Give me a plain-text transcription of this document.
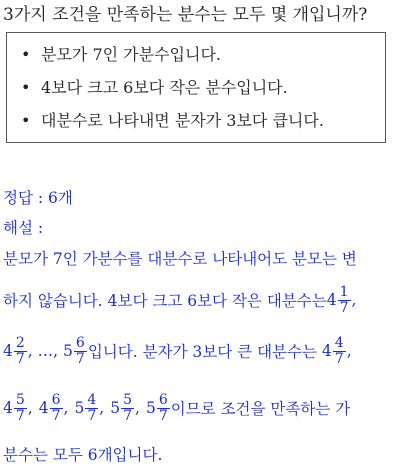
3가지 조건을 만족하는 분수는 모두 몇 개입니까?
• 분모가 7인 가분수입니다.
• 4보다 크고 6보다 작은 분수입니다.
• 대분수로 나타내면 분자가 3보다 큽니다.
정답 : 6개
해설 :
분모가 7인 가분수를 대분수로 나타내어도 분모는 변
하지 않습니다. 4보다 크고 6보다 작은 대분수는 $4 \frac{1}{7}$ ,
$4 \frac{2}{7}$ , …, $5 \frac{6}{7}$ 입니다. 분자가 3보다 큰 대분수는 $4 \frac{4}{7}$ ,
$4 \frac{5}{7}$ , $4 \frac{6}{7}$ , $5 \frac{4}{7}$ , $5 \frac{5}{7}$ , $5 \frac{6}{7}$ 이므로 조건을 만족하는 가
분수는 모두 6개입니다.
